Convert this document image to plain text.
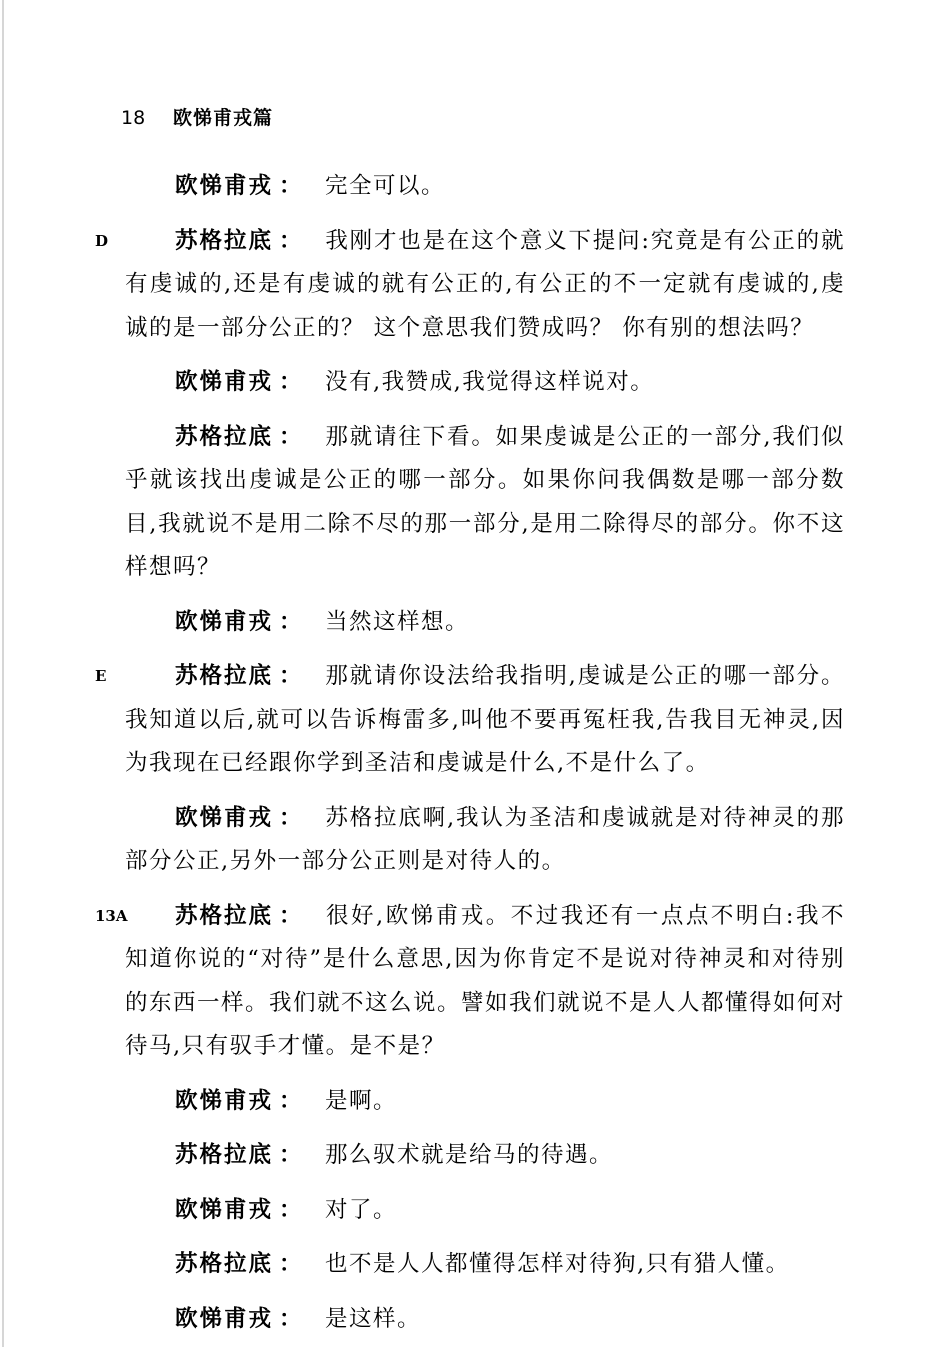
18 欧悌甫戎篇

欧悌甫戎 ： 完全可以。

D	苏格拉底 ： 我刚才也是在这个意义下提问:究竟是有公正的就有虔诚的,还是有虔诚的就有公正的,有公正的不一定就有虔诚的,虔诚的是一部分公正的？ 这个意思我们赞成吗？ 你有别的想法吗？

欧悌甫戎 ： 没有,我赞成,我觉得这样说对。

苏格拉底 ： 那就请往下看。如果虔诚是公正的一部分,我们似乎就该找出虔诚是公正的哪一部分。如果你问我偶数是哪一部分数目,我就说不是用二除不尽的那一部分,是用二除得尽的部分。你不这样想吗？

欧悌甫戎 ： 当然这样想。

E	苏格拉底 ： 那就请你设法给我指明,虔诚是公正的哪一部分。我知道以后,就可以告诉梅雷多,叫他不要再冤枉我,告我目无神灵,因为我现在已经跟你学到圣洁和虔诚是什么,不是什么了。

欧悌甫戎 ： 苏格拉底啊,我认为圣洁和虔诚就是对待神灵的那部分公正,另外一部分公正则是对待人的。

13A 苏格拉底 ： 很好,欧悌甫戎。不过我还有一点点不明白:我不知道你说的“对待”是什么意思,因为你肯定不是说对待神灵和对待别的东西一样。我们就不这么说。譬如我们就说不是人人都懂得如何对待马,只有驭手才懂。是不是？

欧悌甫戎 ： 是啊。

苏格拉底 ： 那么驭术就是给马的待遇。

欧悌甫戎 ： 对了。

苏格拉底 ： 也不是人人都懂得怎样对待狗,只有猎人懂。

欧悌甫戎 ： 是这样。
